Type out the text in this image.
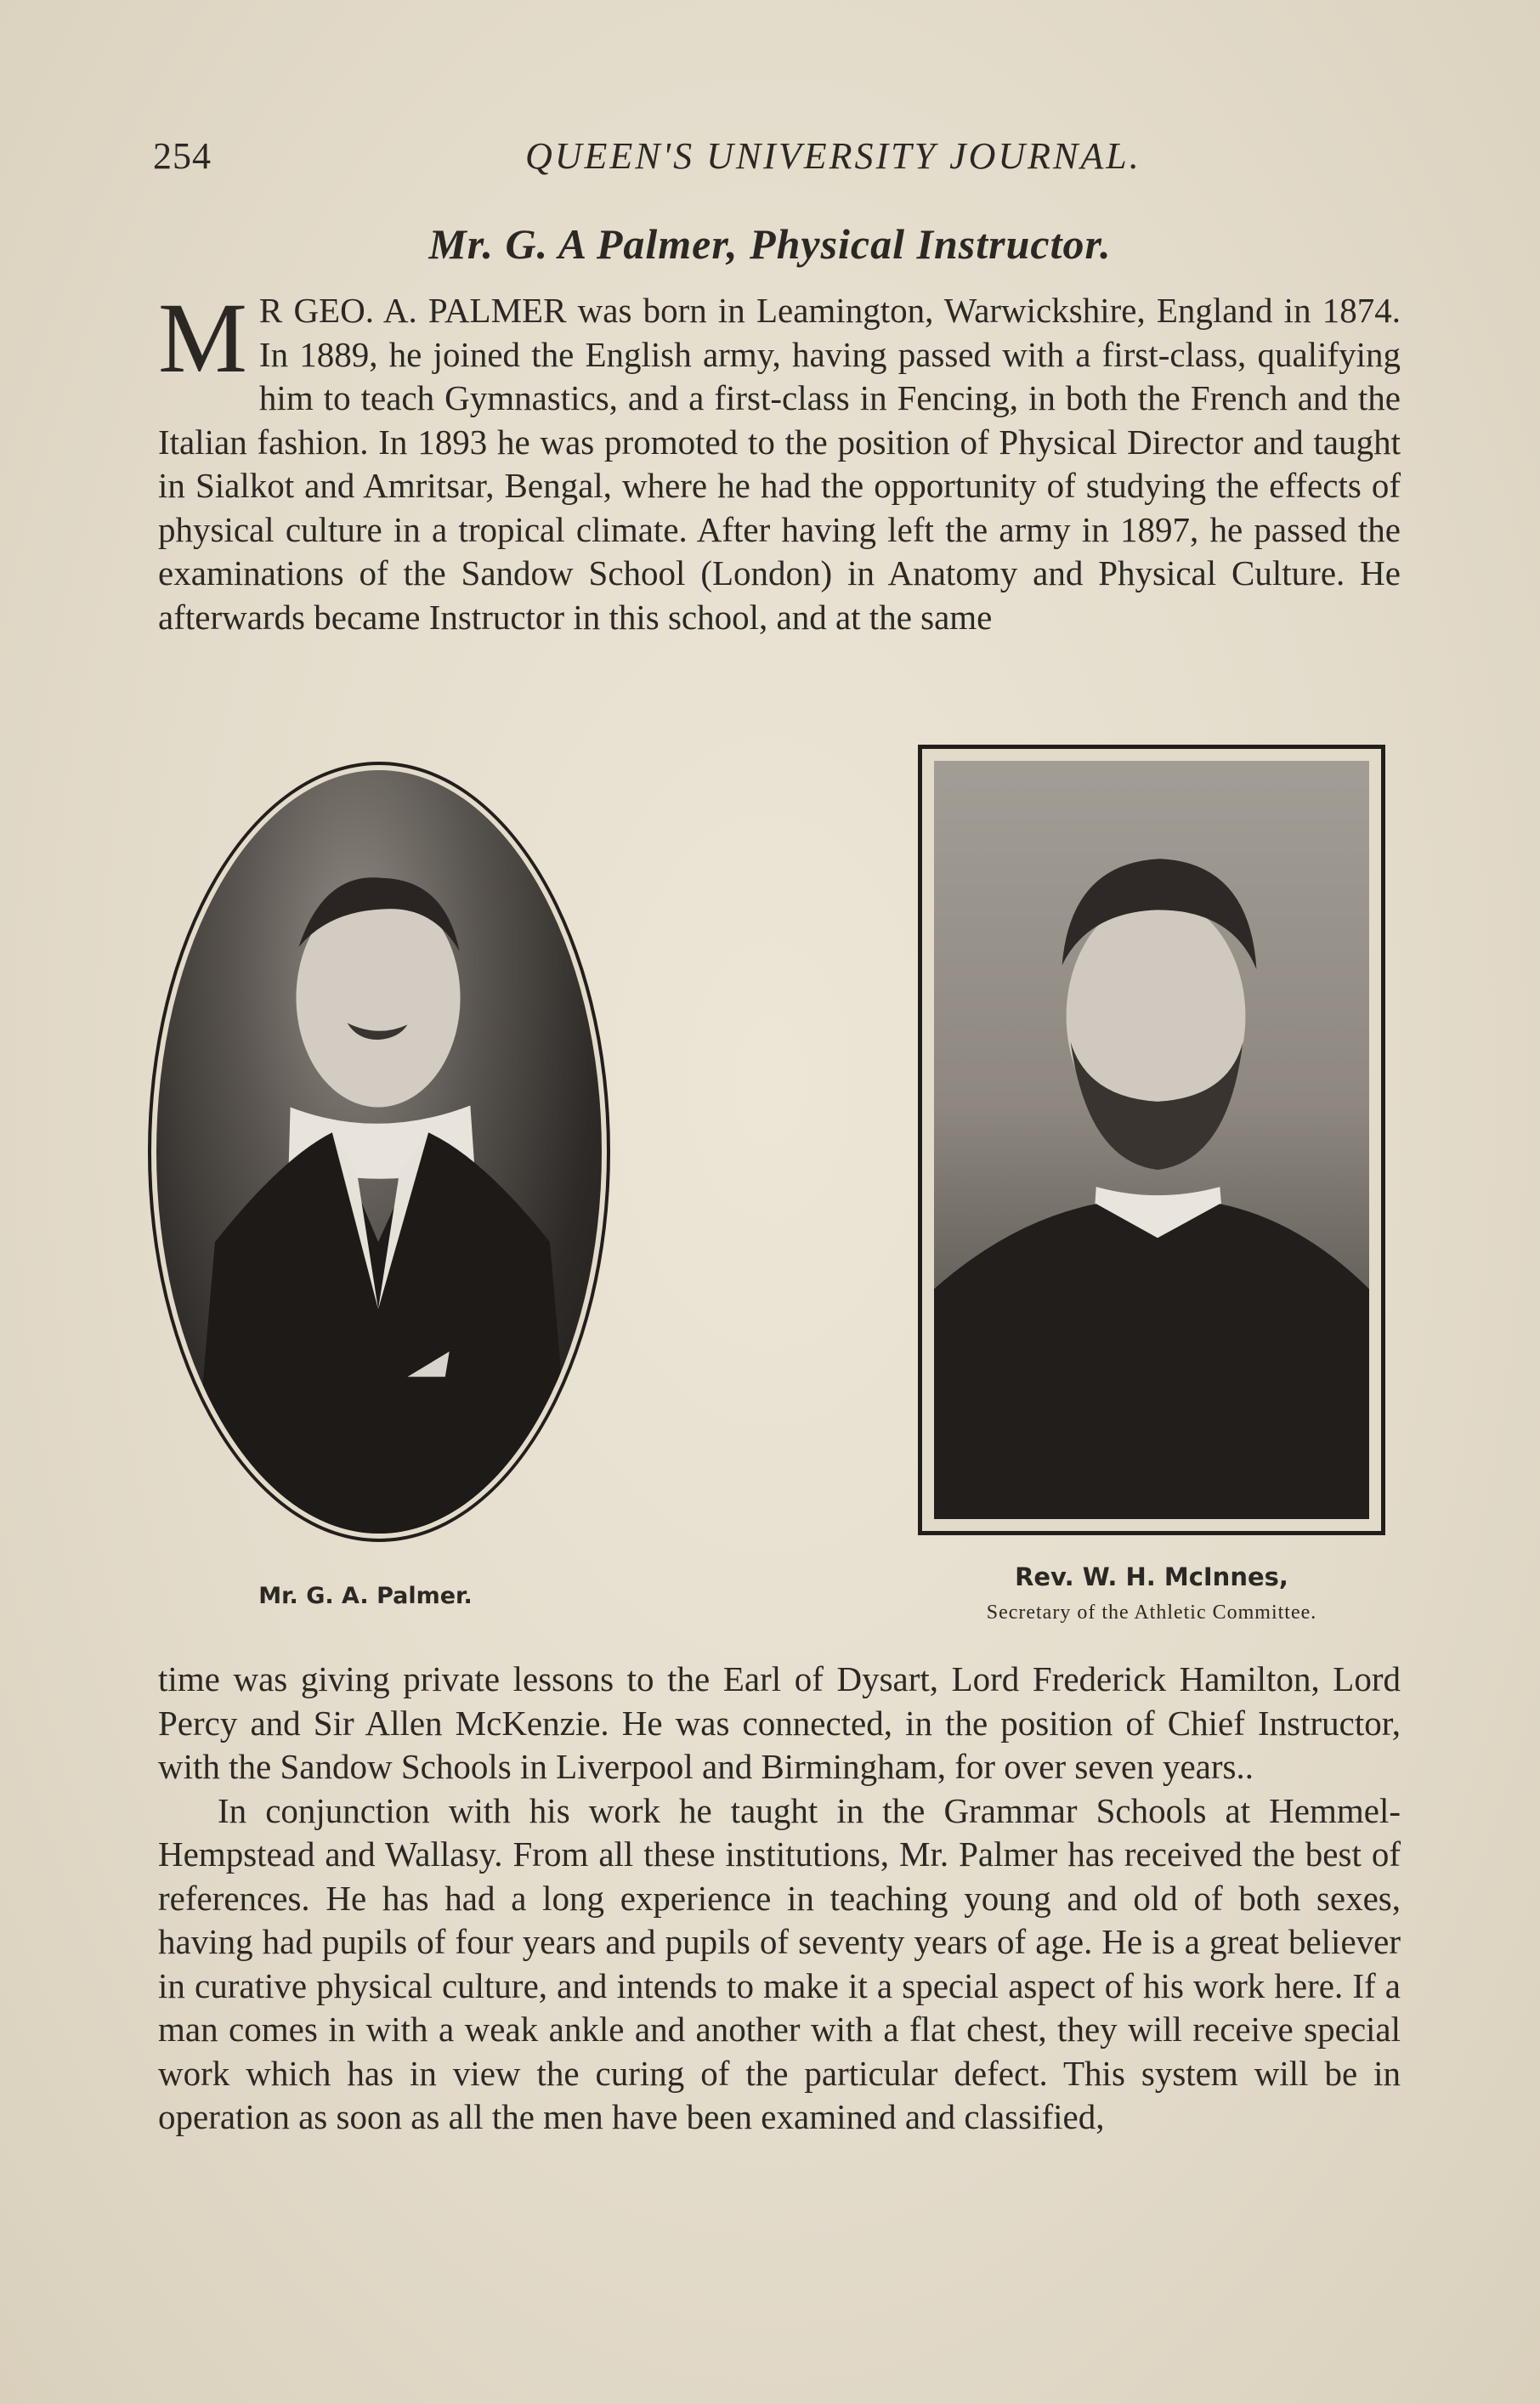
254	QUEEN'S UNIVERSITY JOURNAL.
Mr. G. A Palmer, Physical Instructor.

M R GEO. A. PALMER was born in Leamington, Warwickshire, England in 1874. In 1889, he joined the English army, having passed with a first-class, qualifying him to teach Gymnastics, and a first-class in Fencing, in both the French and the Italian fashion. In 1893 he was promoted to the position of Physical Director and taught in Sialkot and Amritsar, Bengal, where he had the opportunity of studying the effects of physical culture in a tropical climate. After having left the army in 1897, he passed the examinations of the Sandow School (London) in Anatomy and Physical Culture. He afterwards became Instructor in this school, and at the same

Mr. G. A. Palmer.
Rev. W. H. McInnes,
Secretary of the Athletic Committee.

time was giving private lessons to the Earl of Dysart, Lord Frederick Hamilton, Lord Percy and Sir Allen McKenzie. He was connected, in the position of Chief Instructor, with the Sandow Schools in Liverpool and Birmingham, for over seven years..

In conjunction with his work he taught in the Grammar Schools at Hemmel-Hempstead and Wallasy. From all these institutions, Mr. Palmer has received the best of references. He has had a long experience in teaching young and old of both sexes, having had pupils of four years and pupils of seventy years of age. He is a great believer in curative physical culture, and intends to make it a special aspect of his work here. If a man comes in with a weak ankle and another with a flat chest, they will receive special work which has in view the curing of the particular defect. This system will be in operation as soon as all the men have been examined and classified,
